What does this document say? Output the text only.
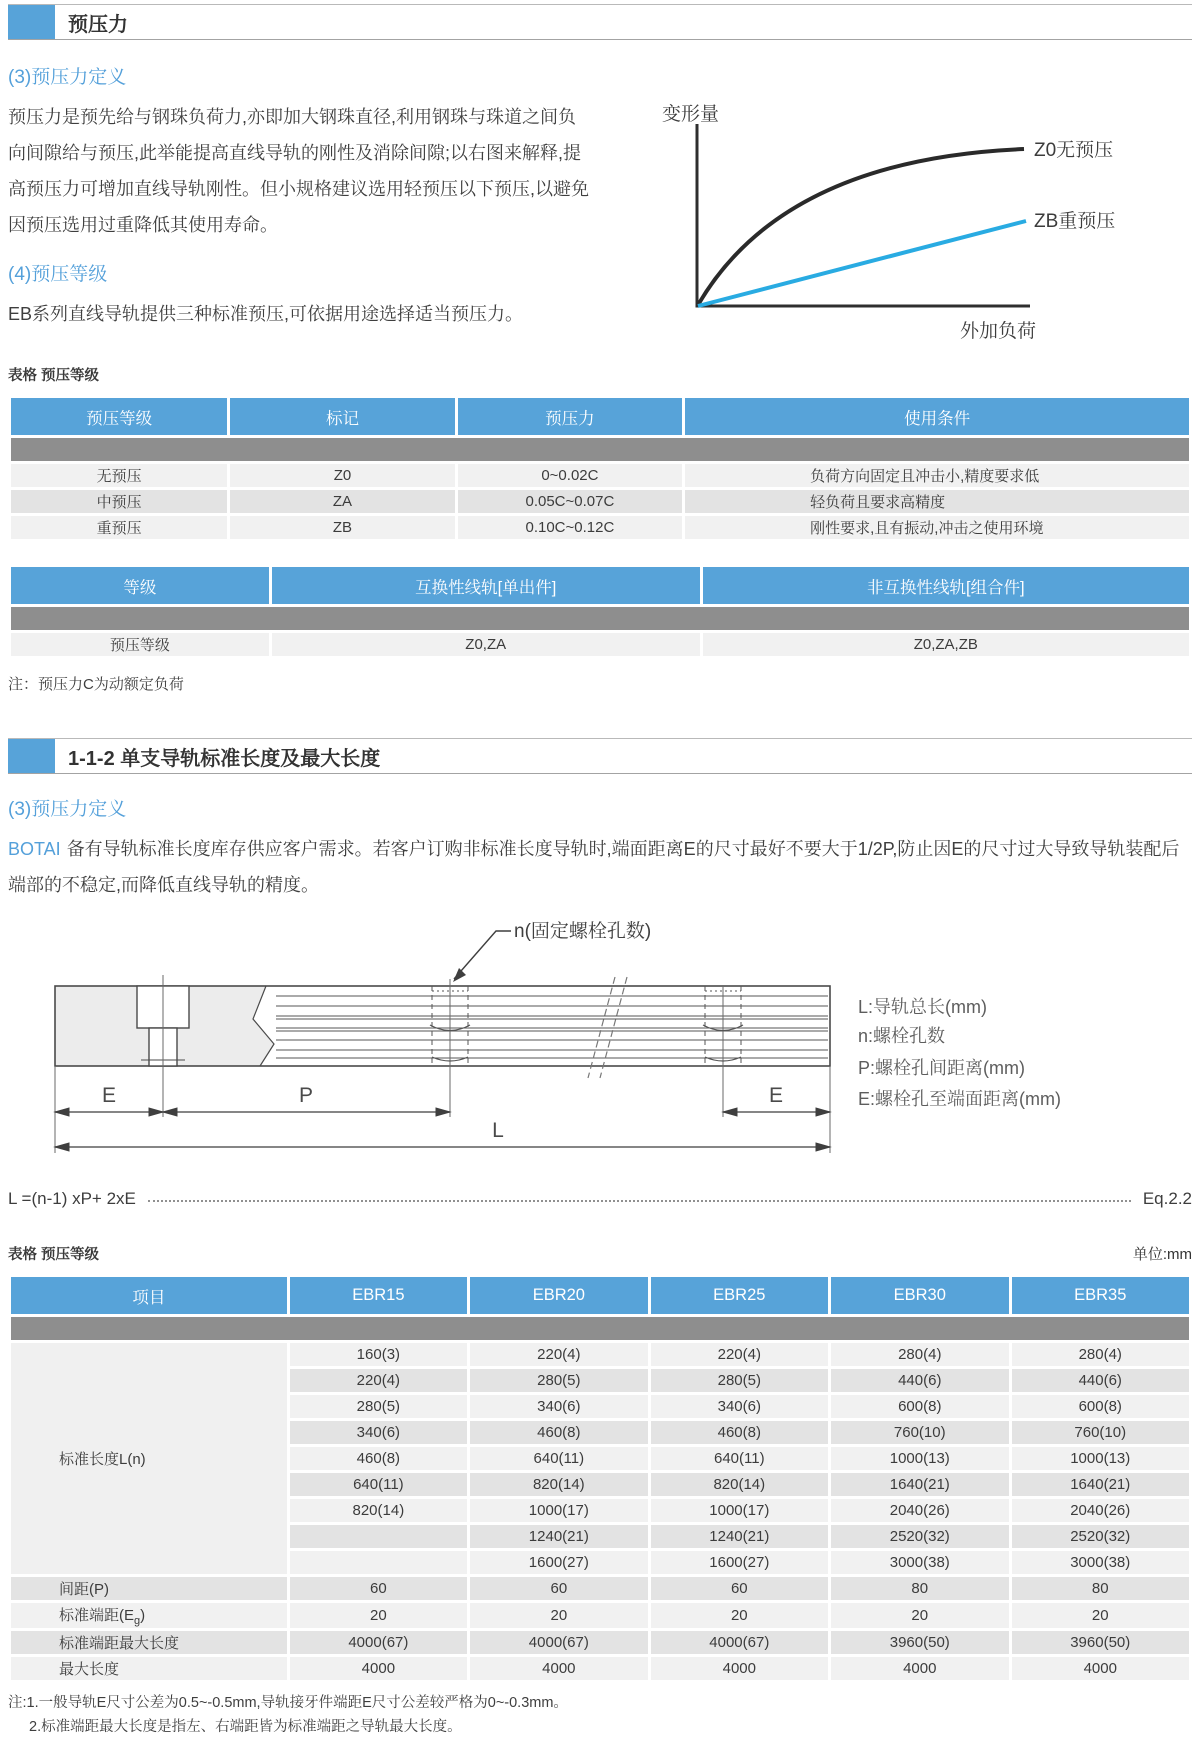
预压力
(3)预压力定义

预压力是预先给与钢珠负荷力,亦即加大钢珠直径,利用钢珠与珠道之间负向间隙给与预压,此举能提高直线导轨的刚性及消除间隙;以右图来解释,提高预压力可增加直线导轨刚性。但小规格建议选用轻预压以下预压,以避免因预压选用过重降低其使用寿命。

(4)预压等级

EB系列直线导轨提供三种标准预压,可依据用途选择适当预压力。

变形量
Z0无预压
ZB重预压
外加负荷
表格 预压等级
预压等级	标记	预压力	使用条件

无预压	Z0	0~0.02C	负荷方向固定且冲击小,精度要求低
中预压	ZA	0.05C~0.07C	轻负荷且要求高精度
重预压	ZB	0.10C~0.12C	刚性要求,且有振动,冲击之使用环境
等级	互换性线轨[单出件]	非互换性线轨[组合件]

预压等级	Z0,ZA	Z0,ZA,ZB
注：预压力C为动额定负荷
1-1-2 单支导轨标准长度及最大长度
(3)预压力定义

BOTAI 备有导轨标准长度库存供应客户需求。若客户订购非标准长度导轨时,端面距离E的尺寸最好不要大于1/2P,防止因E的尺寸过大导致导轨装配后端部的不稳定,而降低直线导轨的精度。

n(固定螺栓孔数)
E	P	E
L
L:导轨总长(mm)
n:螺栓孔数
P:螺栓孔间距离(mm)
E:螺栓孔至端面距离(mm)
L =(n-1) xP+ 2xE	Eq.2.2
表格 预压等级	单位:mm
项目	EBR15	EBR20	EBR25	EBR30	EBR35

标准长度L(n)	160(3)	220(4)	220(4)	280(4)	280(4)
	220(4)	280(5)	280(5)	440(6)	440(6)
	280(5)	340(6)	340(6)	600(8)	600(8)
	340(6)	460(8)	460(8)	760(10)	760(10)
	460(8)	640(11)	640(11)	1000(13)	1000(13)
	640(11)	820(14)	820(14)	1640(21)	1640(21)
	820(14)	1000(17)	1000(17)	2040(26)	2040(26)
		1240(21)	1240(21)	2520(32)	2520(32)
		1600(27)	1600(27)	3000(38)	3000(38)
间距(P)	60	60	60	80	80
标准端距$(E_g)$	20	20	20	20	20
标准端距最大长度	4000(67)	4000(67)	4000(67)	3960(50)	3960(50)
最大长度	4000	4000	4000	4000	4000
注:1.一般导轨E尺寸公差为0.5~-0.5mm,导轨接牙件端距E尺寸公差较严格为0~-0.3mm。
2.标准端距最大长度是指左、右端距皆为标准端距之导轨最大长度。
